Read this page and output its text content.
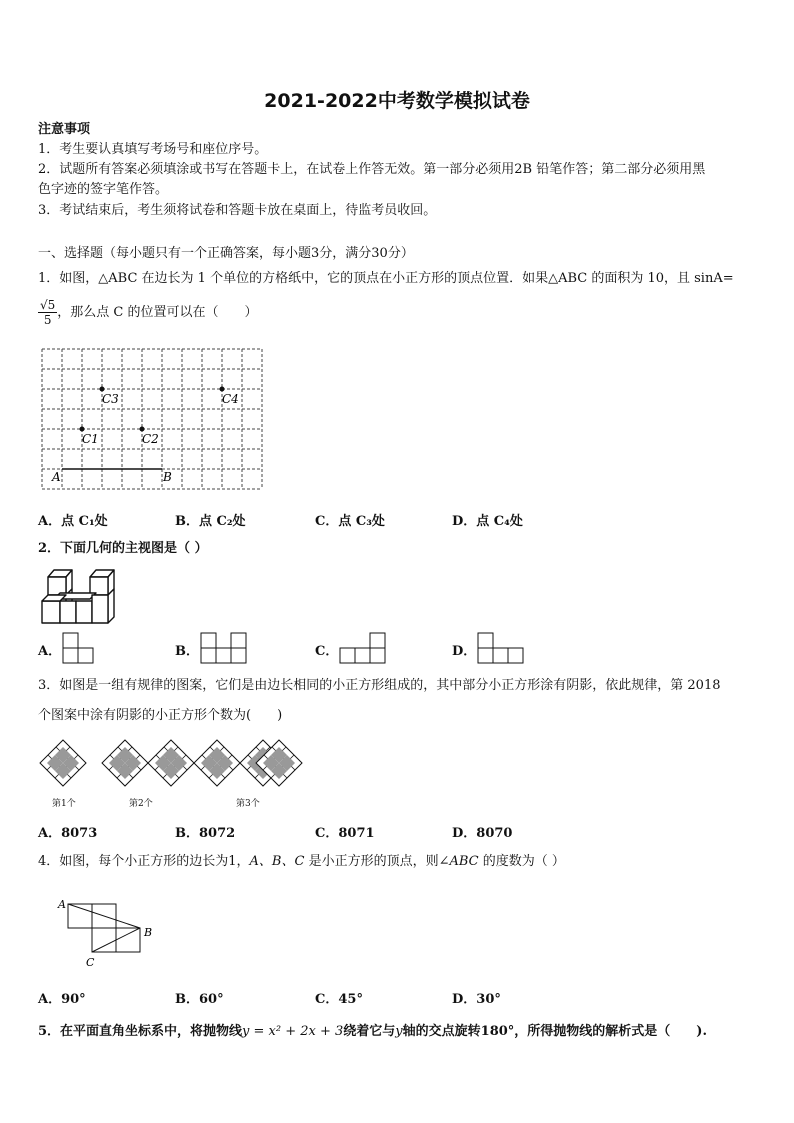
2021-2022中考数学模拟试卷
注意事项
1．考生要认真填写考场号和座位序号。
2．试题所有答案必须填涂或书写在答题卡上，在试卷上作答无效。第一部分必须用2B 铅笔作答；第二部分必须用黑
色字迹的签字笔作答。
3．考试结束后，考生须将试卷和答题卡放在桌面上，待监考员收回。
一、选择题（每小题只有一个正确答案，每小题3分，满分30分）
1．如图，△ABC 在边长为 1 个单位的方格纸中，它的顶点在小正方形的顶点位置．如果△ABC 的面积为 10，且 sinA=
$\frac{√5}{5}$ ，那么点 C 的位置可以在（　　）
C3	C4
C1	C2
A	B
A．点 C₁处	B．点 C₂处	C．点 C₃处	D．点 C₄处
2．下面几何的主视图是（ ）
A．	B．	C．	D．
3．如图是一组有规律的图案，它们是由边长相同的小正方形组成的，其中部分小正方形涂有阴影，依此规律，第 2018
个图案中涂有阴影的小正方形个数为(　　)
第1个	第2个	第3个
A．8073	B．8072	C．8071	D．8070
4．如图，每个小正方形的边长为1，A、B、C 是小正方形的顶点，则∠ABC 的度数为（ ）
A
B
C
A．90°	B．60°	C．45°	D．30°
5．在平面直角坐标系中，将抛物线y = x² + 2x + 3绕着它与y轴的交点旋转180°，所得抛物线的解析式是（　　).
